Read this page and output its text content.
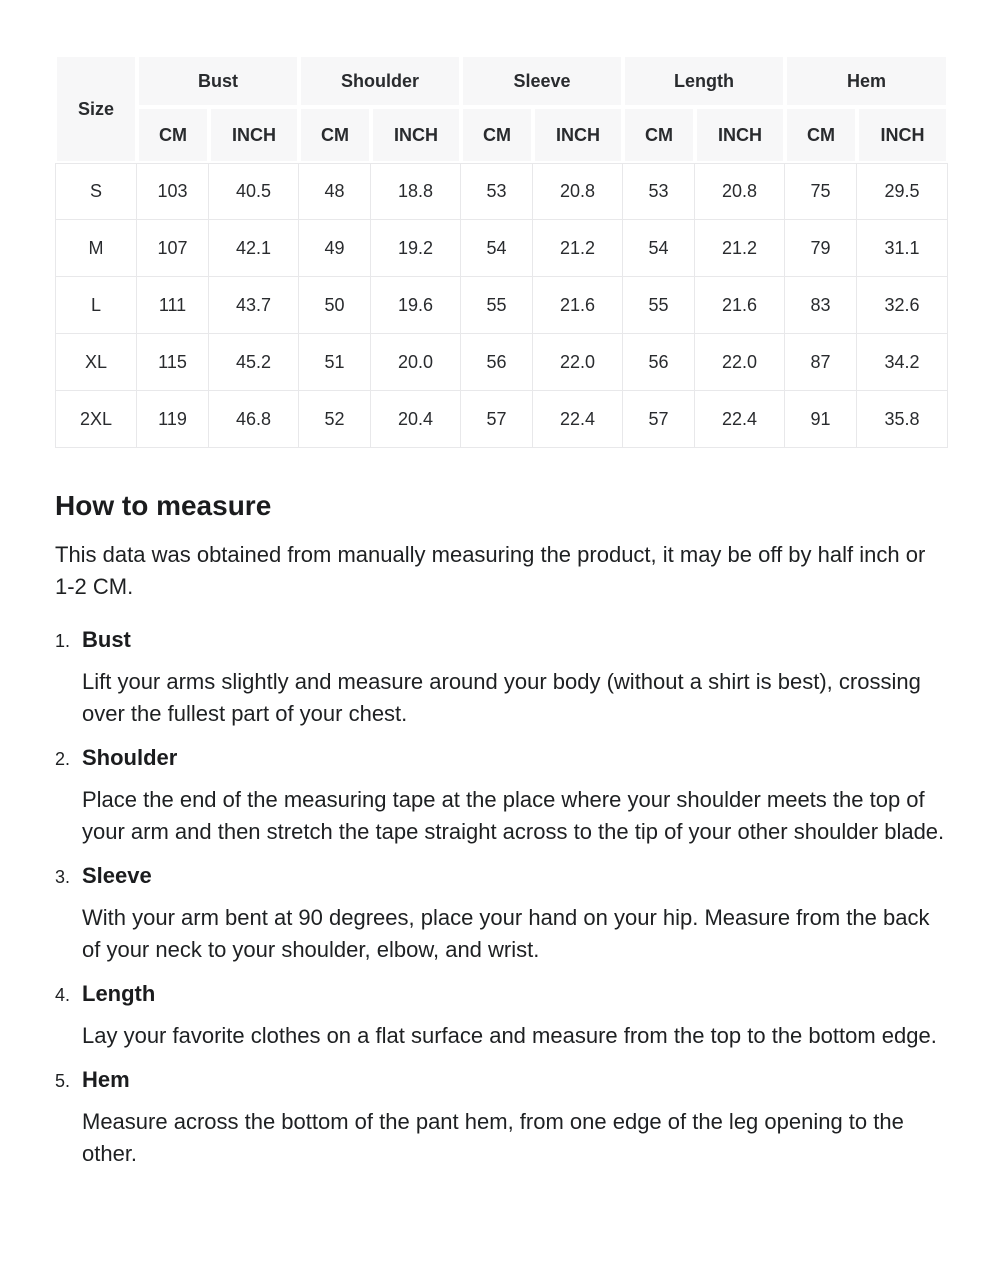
Size	Bust		Shoulder		Sleeve		Length		Hem	
	CM	INCH	CM	INCH	CM	INCH	CM	INCH	CM	INCH
S	103	40.5	48	18.8	53	20.8	53	20.8	75	29.5
M	107	42.1	49	19.2	54	21.2	54	21.2	79	31.1
L	111	43.7	50	19.6	55	21.6	55	21.6	83	32.6
XL	115	45.2	51	20.0	56	22.0	56	22.0	87	34.2
2XL	119	46.8	52	20.4	57	22.4	57	22.4	91	35.8
How to measure

This data was obtained from manually measuring the product, it may be off by half inch or 1-2 CM.

1. Bust

Lift your arms slightly and measure around your body (without a shirt is best), crossing over the fullest part of your chest.

2. Shoulder

Place the end of the measuring tape at the place where your shoulder meets the top of your arm and then stretch the tape straight across to the tip of your other shoulder blade.

3. Sleeve

With your arm bent at 90 degrees, place your hand on your hip. Measure from the back of your neck to your shoulder, elbow, and wrist.

4. Length

Lay your favorite clothes on a flat surface and measure from the top to the bottom edge.

5. Hem

Measure across the bottom of the pant hem, from one edge of the leg opening to the other.
